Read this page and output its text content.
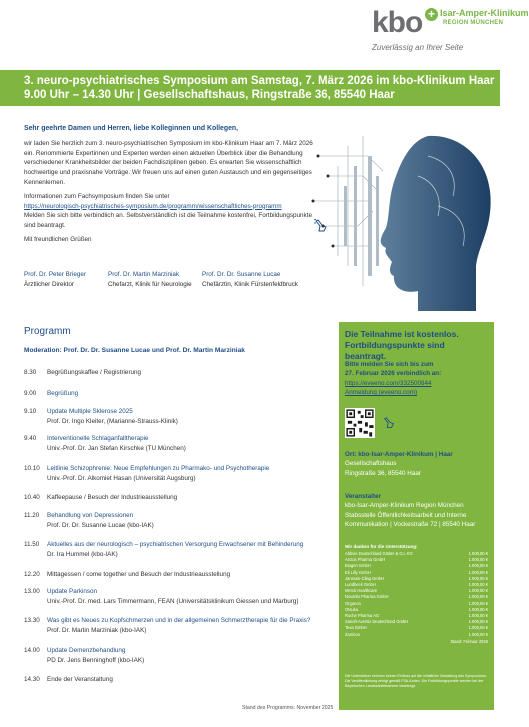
kbo + Isar-Amper-Klinikum
REGION MÜNCHEN
Zuverlässig an Ihrer Seite
3. neuro-psychiatrisches Symposium am Samstag, 7. März 2026 im kbo-Klinikum Haar
9.00 Uhr – 14.30 Uhr | Gesellschaftshaus, Ringstraße 36, 85540 Haar
Sehr geehrte Damen und Herren, liebe Kolleginnen und Kollegen,

wir laden Sie herzlich zum 3. neuro-psychiatrischen Symposium im kbo-Klinikum Haar am 7. März 2026 ein. Renommierte Expertinnen und Experten werden einen aktuellen Überblick über die Behandlung verschiedener Krankheitsbilder der beiden Fachdisziplinen geben. Es erwarten Sie wissenschaftlich hochwertige und praxisnahe Vorträge. Wir freuen uns auf einen guten Austausch und ein gegenseitiges Kennenlernen.

Informationen zum Fachsymposium finden Sie unter
https://neurologisch-psychiatrisches-symposium.de/programm/wissenschaftliches-programm
Melden Sie sich bitte verbindlich an. Selbstverständlich ist die Teilnahme kostenfrei, Fortbildungspunkte sind beantragt.

Mit freundlichen Grüßen

Prof. Dr. Peter Brieger
Ärztlicher Direktor
Prof. Dr. Martin Marziniak
Chefarzt, Klinik für Neurologie
Prof. Dr. Dr. Susanne Lucae
Chefärztin, Klinik Fürstenfeldbruck
Programm
Moderation: Prof. Dr. Dr. Susanne Lucae und Prof. Dr. Martin Marziniak
8.30 Begrüßungskaffee / Registrierung
9.00 Begrüßung
9.10 Update Multiple Sklerose 2025
Prof. Dr. Ingo Kleiter, (Marianne-Strauss-Klinik)
9.40 Interventionelle Schlaganfalltherapie
Univ.-Prof. Dr. Jan Stefan Kirschke (TU München)
10.10 Leitlinie Schizophrenie: Neue Empfehlungen zu Pharmako- und Psychotherapie
Univ.-Prof. Dr. Alkomiet Hasan (Universität Augsburg)
10.40 Kaffeepause / Besuch der Industrieausstellung
11.20 Behandlung von Depressionen
Prof. Dr. Dr. Susanne Lucae (kbo-IAK)
11.50 Aktuelles aus der neurologisch – psychiatrischen Versorgung Erwachsener mit Behinderung
Dr. Ira Hummel (kbo-IAK)
12.20 Mittagessen / come together und Besuch der Industrieausstellung
13.00 Update Parkinson
Univ.-Prof. Dr. med. Lars Timmermann, FEAN (Universitätsklinikum Giessen und Marburg)
13.30 Was gibt es Neues zu Kopfschmerzen und in der allgemeinen Schmerztherapie für die Praxis?
Prof. Dr. Martin Marziniak (kbo-IAK)
14.00 Update Demenzbehandlung
PD Dr. Jens Benninghoff (kbo-IAK)
14.30 Ende der Veranstaltung
Stand des Programms: November 2025
Die Teilnahme ist kostenlos.
Fortbildungspunkte sind beantragt.
Bitte melden Sie sich bis zum
27. Februar 2026 verbindlich an:
https://eveeno.com/332500844
Anmeldung (eveeno.com)
Ort: kbo-Isar-Amper-Klinikum | Haar
Gesellschaftshaus
Ringstraße 36, 85540 Haar
Veranstalter
kbo-Isar-Amper-Klinikum Region München
Stabsstelle Öffentlichkeitsarbeit und Interne
Kommunikation | Vockestraße 72 | 85540 Haar
Wir danken für die Unterstützung:
Abbvie Deutschland GmbH & Co. KG	1.500,00 €
Arctos Pharma GmbH	1.000,00 €
Biogen GmbH	1.000,00 €
Eli Lilly GmbH	1.000,00 €
Janssen-Cilag GmbH	1.000,00 €
Lundbeck GmbH	1.000,00 €
Merck Healthcare	1.000,00 €
Novartis Pharma GmbH	1.000,00 €
Organon	1.000,00 €
Otsuka	1.000,00 €
Roche Pharma AG	1.000,00 €
Sanofi-Aventis Deutschland GmbH	1.000,00 €
Teva GmbH	1.000,00 €
Zambon	1.000,00 €
Stand: Februar 2026
Die Unterstützer nehmen keinen Einfluss auf die inhaltliche Gestaltung des Symposiums. Die Veröffentlichung erfolgt gemäß FSA-Kodex. Die Fortbildungspunkte werden bei der Bayerischen Landesärztekammer beantragt.
